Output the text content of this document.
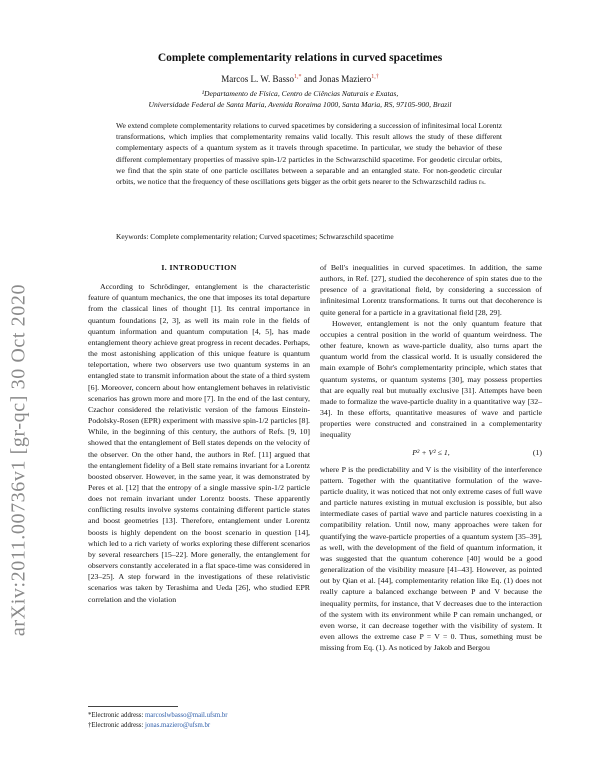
arXiv:2011.00736v1 [gr-qc] 30 Oct 2020
Complete complementarity relations in curved spacetimes
Marcos L. W. Basso$^{1,*}$ and Jonas Maziero$^{1,\dagger}$
¹Departamento de Física, Centro de Ciências Naturais e Exatas,
Universidade Federal de Santa Maria, Avenida Roraima 1000, Santa Maria, RS, 97105-900, Brazil
We extend complete complementarity relations to curved spacetimes by considering a succession of infinitesimal local Lorentz transformations, which implies that complementarity remains valid locally. This result allows the study of these different complementary aspects of a quantum system as it travels through spacetime. In particular, we study the behavior of these different complementary properties of massive spin-1/2 particles in the Schwarzschild spacetime. For geodetic circular orbits, we find that the spin state of one particle oscillates between a separable and an entangled state. For non-geodetic circular orbits, we notice that the frequency of these oscillations gets bigger as the orbit gets nearer to the Schwarzschild radius rₛ.
Keywords: Complete complementarity relation; Curved spacetimes; Schwarzschild spacetime
I. INTRODUCTION

According to Schrödinger, entanglement is the characteristic feature of quantum mechanics, the one that imposes its total departure from the classical lines of thought [1]. Its central importance in quantum foundations [2, 3], as well its main role in the fields of quantum information and quantum computation [4, 5], has made entanglement theory achieve great progress in recent decades. Perhaps, the most astonishing application of this unique feature is quantum teleportation, where two observers use two quantum systems in an entangled state to transmit information about the state of a third system [6]. Moreover, concern about how entanglement behaves in relativistic scenarios has grown more and more [7]. In the end of the last century, Czachor considered the relativistic version of the famous Einstein-Podolsky-Rosen (EPR) experiment with massive spin-1/2 particles [8]. While, in the beginning of this century, the authors of Refs. [9, 10] showed that the entanglement of Bell states depends on the velocity of the observer. On the other hand, the authors in Ref. [11] argued that the entanglement fidelity of a Bell state remains invariant for a Lorentz boosted observer. However, in the same year, it was demonstrated by Peres et al. [12] that the entropy of a single massive spin-1/2 particle does not remain invariant under Lorentz boosts. These apparently conflicting results involve systems containing different particle states and boost geometries [13]. Therefore, entanglement under Lorentz boosts is highly dependent on the boost scenario in question [14], which led to a rich variety of works exploring these different scenarios by several researchers [15–22]. More generally, the entanglement for observers constantly accelerated in a flat space-time was considered in [23–25]. A step forward in the investigations of these relativistic scenarios was taken by Terashima and Ueda [26], who studied EPR correlation and the violation

of Bell's inequalities in curved spacetimes. In addition, the same authors, in Ref. [27], studied the decoherence of spin states due to the presence of a gravitational field, by considering a succession of infinitesimal Lorentz transformations. It turns out that decoherence is quite general for a particle in a gravitational field [28, 29].

However, entanglement is not the only quantum feature that occupies a central position in the world of quantum weirdness. The other feature, known as wave-particle duality, also turns apart the quantum world from the classical world. It is usually considered the main example of Bohr's complementarity principle, which states that quantum systems, or quantum systems [30], may possess properties that are equally real but mutually exclusive [31]. Attempts have been made to formalize the wave-particle duality in a quantitative way [32–34]. In these efforts, quantitative measures of wave and particle properties were constructed and constrained in a complementarity inequality

P² + V² ≤ 1,	(1)

where P is the predictability and V is the visibility of the interference pattern. Together with the quantitative formulation of the wave-particle duality, it was noticed that not only extreme cases of full wave and particle natures existing in mutual exclusion is possible, but also intermediate cases of partial wave and particle natures coexisting in a compatibility relation. Until now, many approaches were taken for quantifying the wave-particle properties of a quantum system [35–39], as well, with the development of the field of quantum information, it was suggested that the quantum coherence [40] would be a good generalization of the visibility measure [41–43]. However, as pointed out by Qian et al. [44], complementarity relation like Eq. (1) does not really capture a balanced exchange between P and V because the inequality permits, for instance, that V decreases due to the interaction of the system with its environment while P can remain unchanged, or even worse, it can decrease together with the visibility of system. It even allows the extreme case P = V = 0. Thus, something must be missing from Eq. (1). As noticed by Jakob and Bergou

*Electronic address: marcoslwbasso@mail.ufsm.br
†Electronic address: jonas.maziero@ufsm.br
